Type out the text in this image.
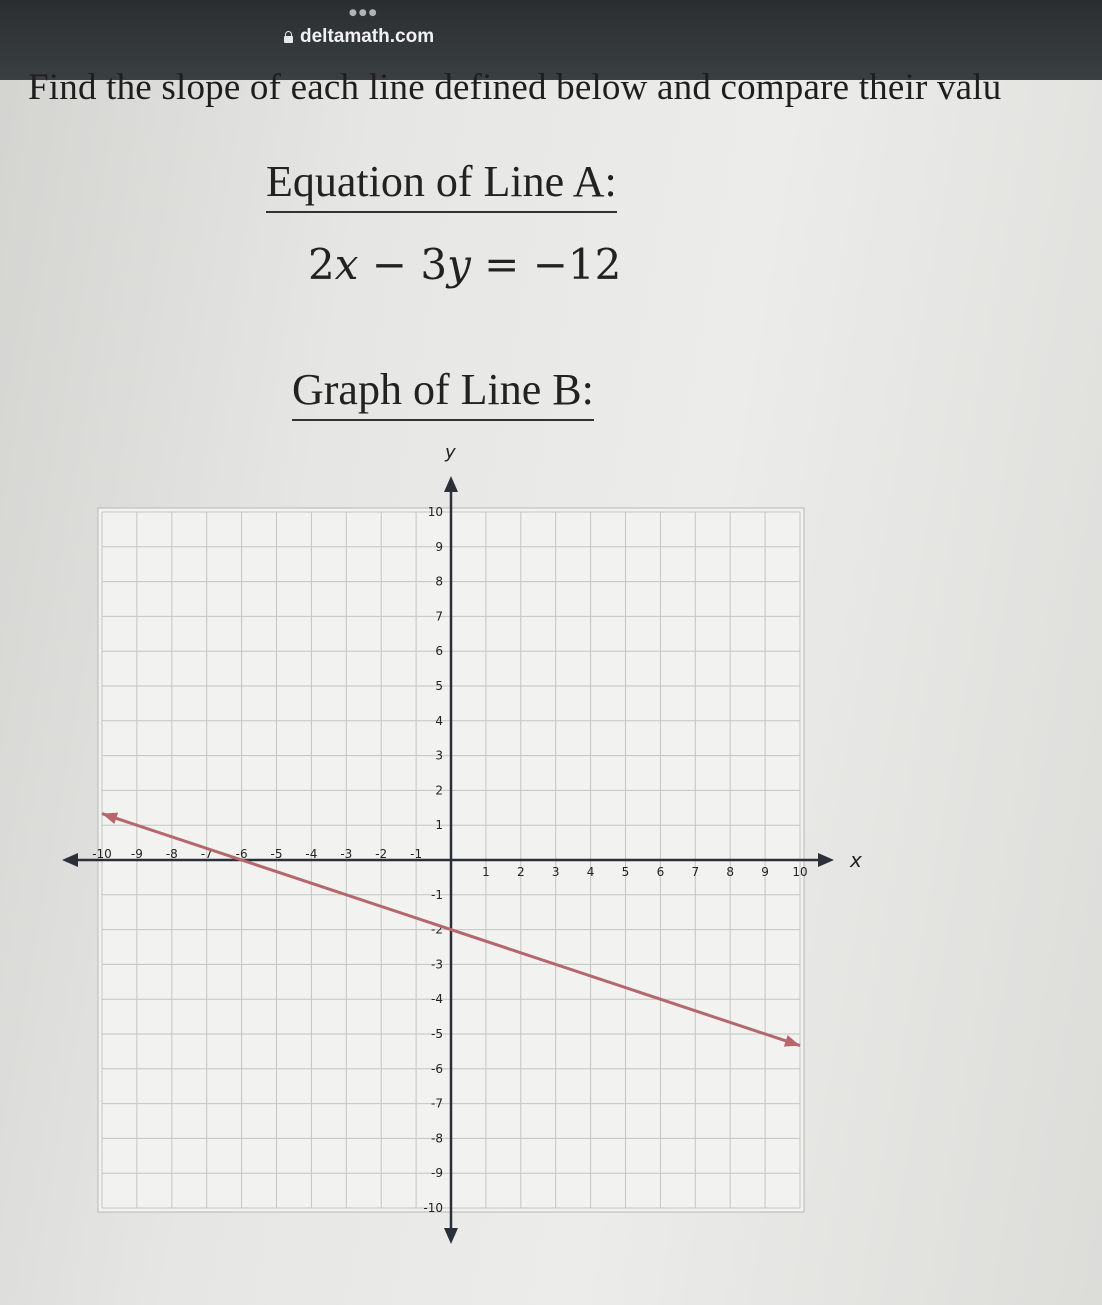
●●●
deltamath.com
Find the slope of each line defined below and compare their valu
Equation of Line A:
2x − 3y = −12
Graph of Line B:
x
y
-10 -9 -8 -7 -6 -5 -4 -3 -2 -1
1 2 3 4 5 6 7 8 9 10
-10
-9
-8
-7
-6
-5
-4
-3
-2
-1
1
2
3
4
5
6
7
8
9
10
